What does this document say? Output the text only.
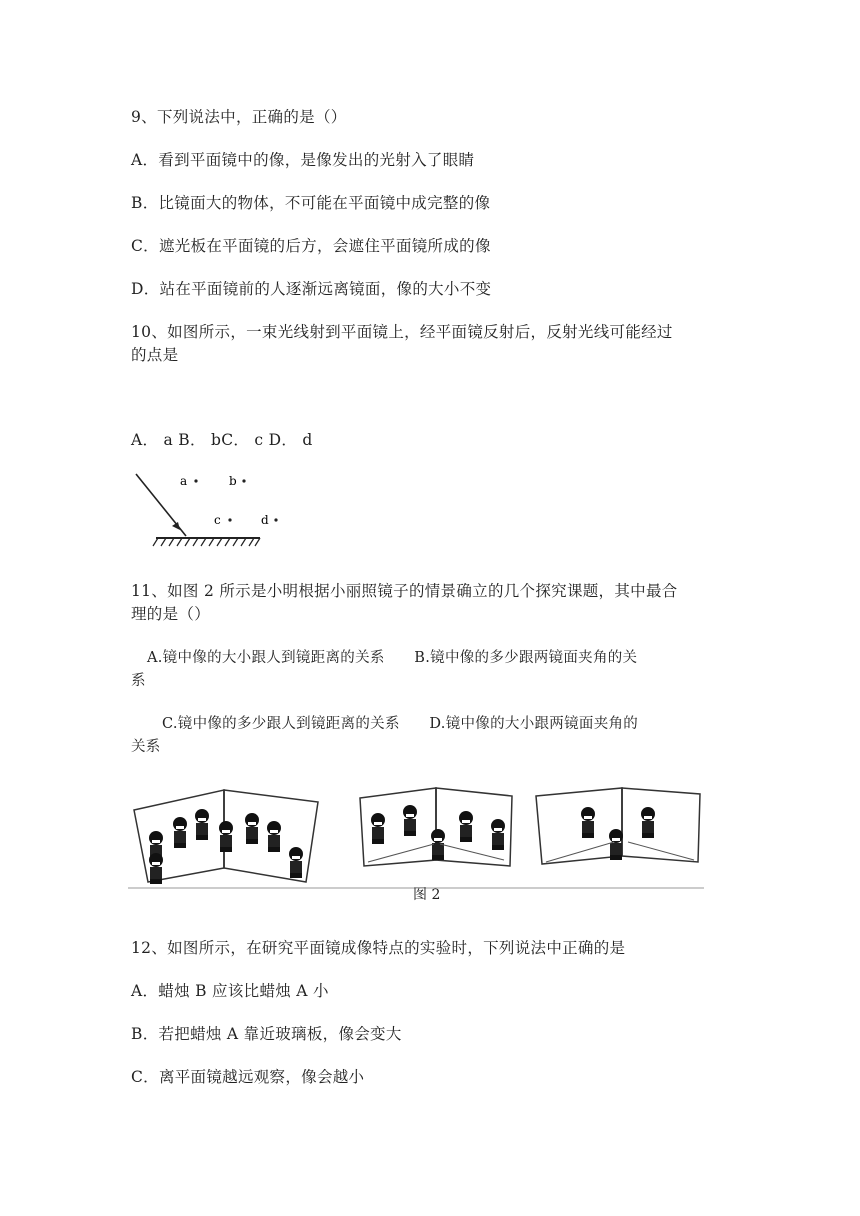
9、下列说法中，正确的是（）
A．看到平面镜中的像，是像发出的光射入了眼睛
B．比镜面大的物体，不可能在平面镜中成完整的像
C．遮光板在平面镜的后方，会遮住平面镜所成的像
D．站在平面镜前的人逐渐远离镜面，像的大小不变
10、如图所示，一束光线射到平面镜上，经平面镜反射后，反射光线可能经过
的点是
A． a B． bC． c D． d
a	b
c	d
11、如图 2 所示是小明根据小丽照镜子的情景确立的几个探究课题，其中最合
理的是（）
A.镜中像的大小跟人到镜距离的关系　　B.镜中像的多少跟两镜面夹角的关
系
C.镜中像的多少跟人到镜距离的关系　　D.镜中像的大小跟两镜面夹角的
关系
图 2
12、如图所示，在研究平面镜成像特点的实验时，下列说法中正确的是
A．蜡烛 B 应该比蜡烛 A 小
B．若把蜡烛 A 靠近玻璃板，像会变大
C．离平面镜越远观察，像会越小
